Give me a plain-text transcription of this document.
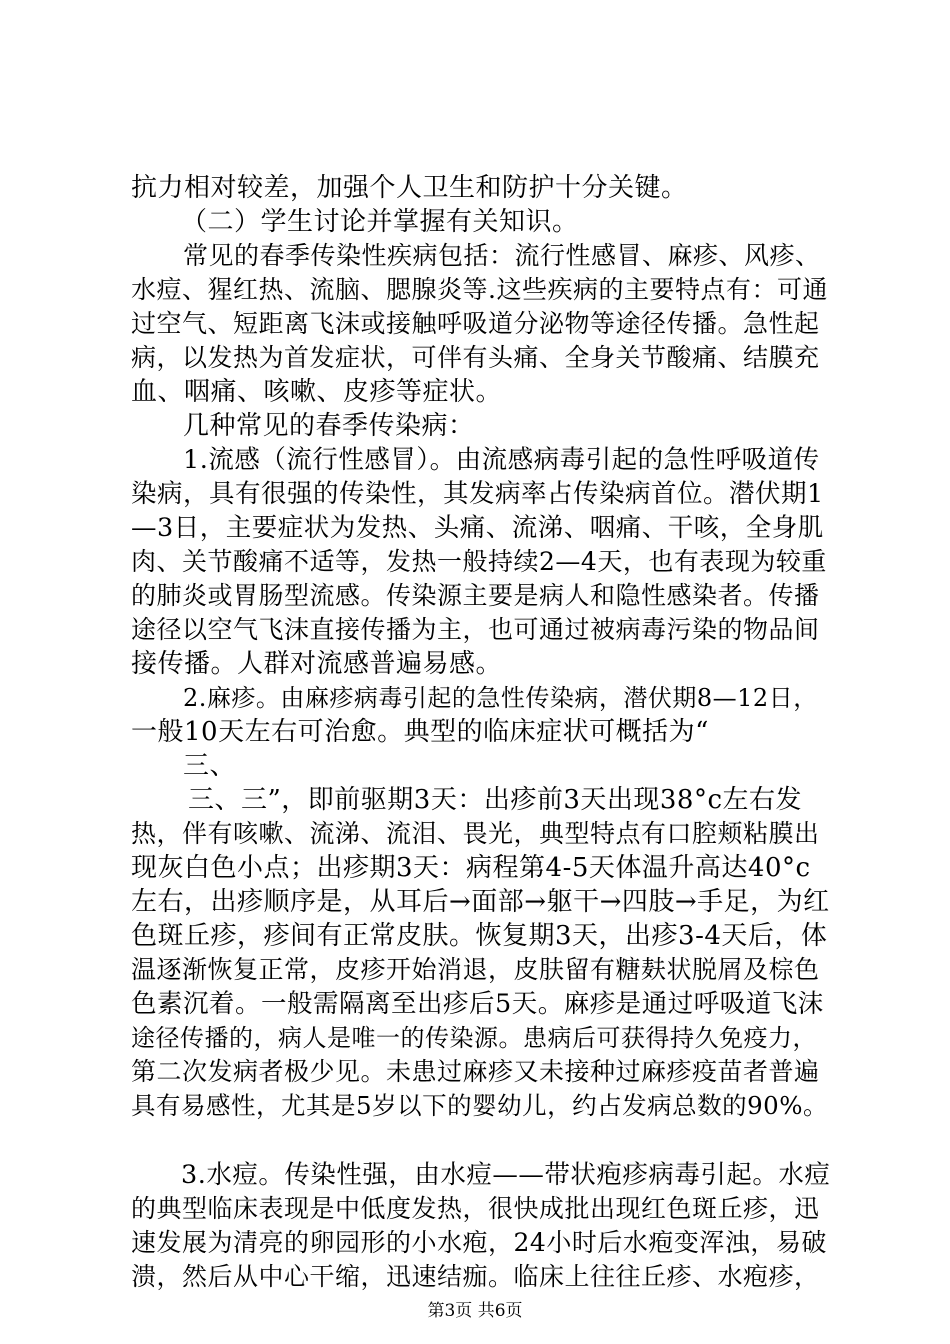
抗力相对较差，加强个人卫生和防护十分关键。
（二）学生讨论并掌握有关知识。
常见的春季传染性疾病包括：流行性感冒、麻疹、风疹、
水痘、猩红热、流脑、腮腺炎等.这些疾病的主要特点有：可通
过空气、短距离飞沫或接触呼吸道分泌物等途径传播。急性起
病，以发热为首发症状，可伴有头痛、全身关节酸痛、结膜充
血、咽痛、咳嗽、皮疹等症状。
几种常见的春季传染病：
1.流感（流行性感冒）。由流感病毒引起的急性呼吸道传
染病，具有很强的传染性，其发病率占传染病首位。潜伏期1
—3日，主要症状为发热、头痛、流涕、咽痛、干咳，全身肌
肉、关节酸痛不适等，发热一般持续2—4天，也有表现为较重
的肺炎或胃肠型流感。传染源主要是病人和隐性感染者。传播
途径以空气飞沫直接传播为主，也可通过被病毒污染的物品间
接传播。人群对流感普遍易感。
2.麻疹。由麻疹病毒引起的急性传染病，潜伏期8—12日，
一般10天左右可治愈。典型的临床症状可概括为“
三、
三、三”，即前驱期3天：出疹前3天出现38°c左右发
热，伴有咳嗽、流涕、流泪、畏光，典型特点有口腔颊粘膜出
现灰白色小点；出疹期3天：病程第4-5天体温升高达40°c
左右，出疹顺序是，从耳后→面部→躯干→四肢→手足，为红
色斑丘疹，疹间有正常皮肤。恢复期3天，出疹3-4天后，体
温逐渐恢复正常，皮疹开始消退，皮肤留有糖麸状脱屑及棕色
色素沉着。一般需隔离至出疹后5天。麻疹是通过呼吸道飞沫
途径传播的，病人是唯一的传染源。患病后可获得持久免疫力，
第二次发病者极少见。未患过麻疹又未接种过麻疹疫苗者普遍
具有易感性，尤其是5岁以下的婴幼儿，约占发病总数的90%。
3.水痘。传染性强，由水痘——带状疱疹病毒引起。水痘
的典型临床表现是中低度发热，很快成批出现红色斑丘疹，迅
速发展为清亮的卵园形的小水疱，24小时后水疱变浑浊，易破
溃，然后从中心干缩，迅速结痂。临床上往往丘疹、水疱疹，
第3页 共6页
